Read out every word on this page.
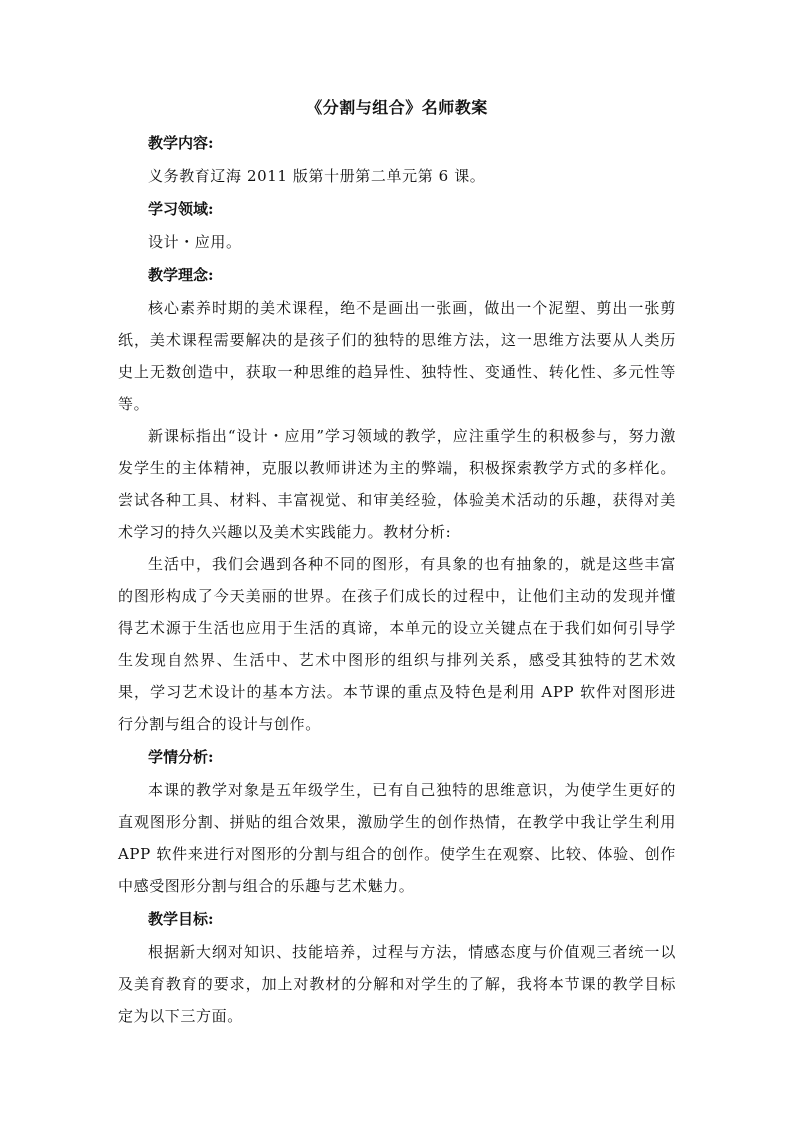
《分割与组合》名师教案

教学内容:

义务教育辽海 2011 版第十册第二单元第 6 课。

学习领域:

设计・应用。

教学理念:

核心素养时期的美术课程，绝不是画出一张画，做出一个泥塑、剪出一张剪纸，美术课程需要解决的是孩子们的独特的思维方法，这一思维方法要从人类历史上无数创造中，获取一种思维的趋异性、独特性、变通性、转化性、多元性等等。

新课标指出“设计・应用”学习领域的教学，应注重学生的积极参与，努力激发学生的主体精神，克服以教师讲述为主的弊端，积极探索教学方式的多样化。尝试各种工具、材料、丰富视觉、和审美经验，体验美术活动的乐趣，获得对美术学习的持久兴趣以及美术实践能力。教材分析:

生活中，我们会遇到各种不同的图形，有具象的也有抽象的，就是这些丰富的图形构成了今天美丽的世界。在孩子们成长的过程中，让他们主动的发现并懂得艺术源于生活也应用于生活的真谛，本单元的设立关键点在于我们如何引导学生发现自然界、生活中、艺术中图形的组织与排列关系，感受其独特的艺术效果，学习艺术设计的基本方法。本节课的重点及特色是利用 APP 软件对图形进行分割与组合的设计与创作。

学情分析:

本课的教学对象是五年级学生，已有自己独特的思维意识，为使学生更好的直观图形分割、拼贴的组合效果，激励学生的创作热情，在教学中我让学生利用 APP 软件来进行对图形的分割与组合的创作。使学生在观察、比较、体验、创作中感受图形分割与组合的乐趣与艺术魅力。

教学目标:

根据新大纲对知识、技能培养，过程与方法，情感态度与价值观三者统一以及美育教育的要求，加上对教材的分解和对学生的了解，我将本节课的教学目标定为以下三方面。
